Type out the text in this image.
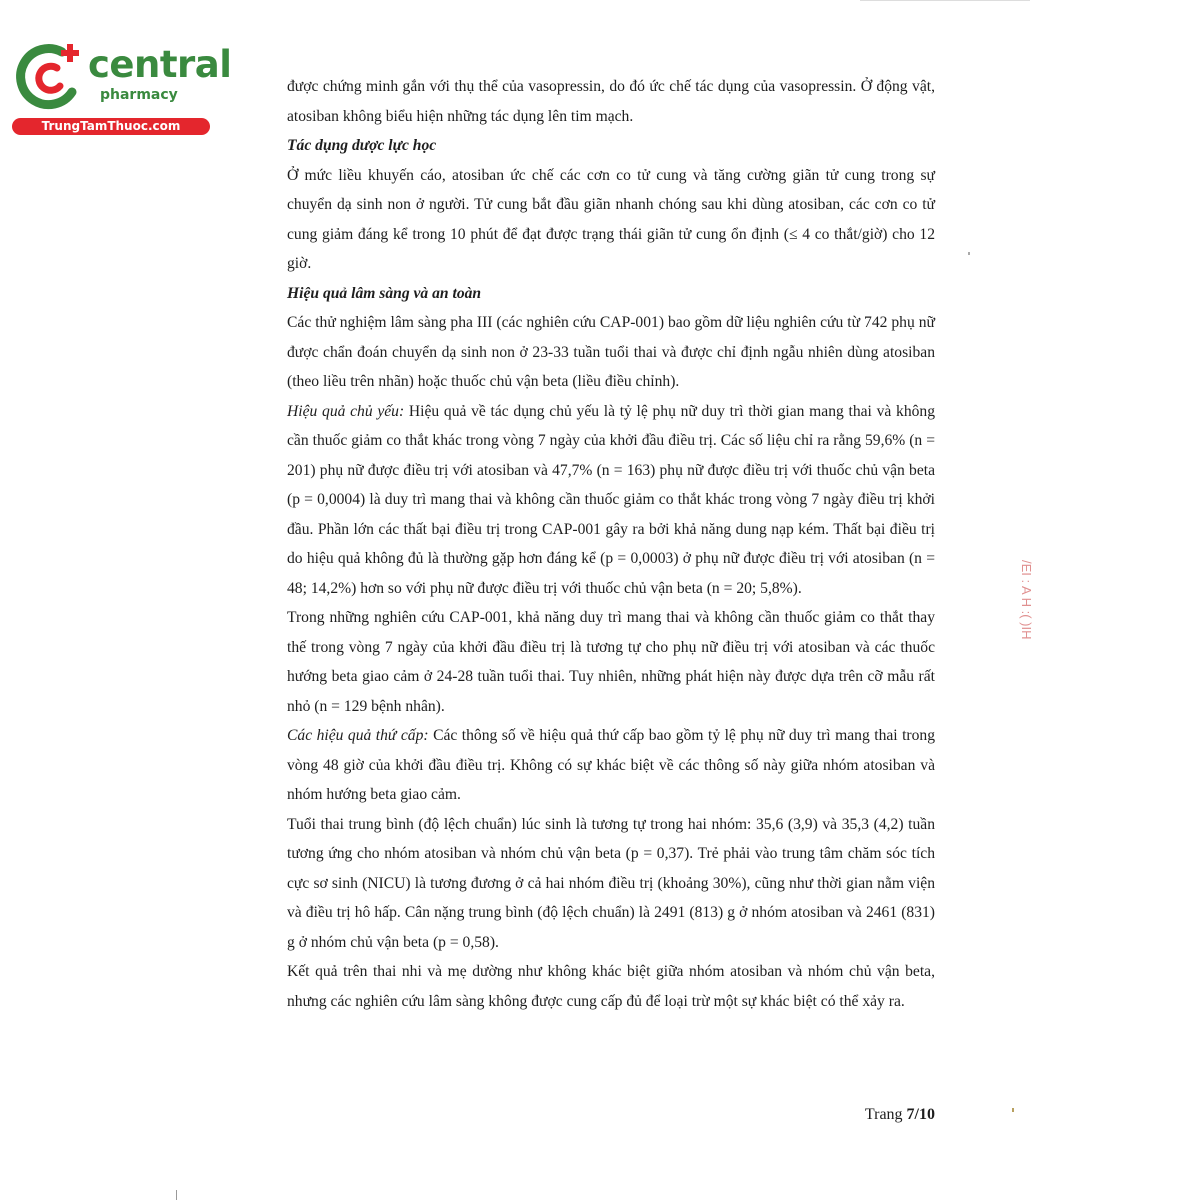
central
pharmacy
TrungTamThuoc.com

được chứng minh gắn với thụ thể của vasopressin, do đó ức chế tác dụng của vasopressin. Ở động vật, atosiban không biểu hiện những tác dụng lên tim mạch.

Tác dụng dược lực học

Ở mức liều khuyến cáo, atosiban ức chế các cơn co tử cung và tăng cường giãn tử cung trong sự chuyển dạ sinh non ở người. Tử cung bắt đầu giãn nhanh chóng sau khi dùng atosiban, các cơn co tử cung giảm đáng kể trong 10 phút để đạt được trạng thái giãn tử cung ổn định (≤ 4 co thắt/giờ) cho 12 giờ.

Hiệu quả lâm sàng và an toàn

Các thử nghiệm lâm sàng pha III (các nghiên cứu CAP-001) bao gồm dữ liệu nghiên cứu từ 742 phụ nữ được chẩn đoán chuyển dạ sinh non ở 23-33 tuần tuổi thai và được chỉ định ngẫu nhiên dùng atosiban (theo liều trên nhãn) hoặc thuốc chủ vận beta (liều điều chỉnh).

Hiệu quả chủ yếu: Hiệu quả về tác dụng chủ yếu là tỷ lệ phụ nữ duy trì thời gian mang thai và không cần thuốc giảm co thắt khác trong vòng 7 ngày của khởi đầu điều trị. Các số liệu chỉ ra rằng 59,6% (n = 201) phụ nữ được điều trị với atosiban và 47,7% (n = 163) phụ nữ được điều trị với thuốc chủ vận beta (p = 0,0004) là duy trì mang thai và không cần thuốc giảm co thắt khác trong vòng 7 ngày điều trị khởi đầu. Phần lớn các thất bại điều trị trong CAP-001 gây ra bởi khả năng dung nạp kém. Thất bại điều trị do hiệu quả không đủ là thường gặp hơn đáng kể (p = 0,0003) ở phụ nữ được điều trị với atosiban (n = 48; 14,2%) hơn so với phụ nữ được điều trị với thuốc chủ vận beta (n = 20; 5,8%).

Trong những nghiên cứu CAP-001, khả năng duy trì mang thai và không cần thuốc giảm co thắt thay thế trong vòng 7 ngày của khởi đầu điều trị là tương tự cho phụ nữ điều trị với atosiban và các thuốc hướng beta giao cảm ở 24-28 tuần tuổi thai. Tuy nhiên, những phát hiện này được dựa trên cỡ mẫu rất nhỏ (n = 129 bệnh nhân).

Các hiệu quả thứ cấp: Các thông số về hiệu quả thứ cấp bao gồm tỷ lệ phụ nữ duy trì mang thai trong vòng 48 giờ của khởi đầu điều trị. Không có sự khác biệt về các thông số này giữa nhóm atosiban và nhóm hướng beta giao cảm.

Tuổi thai trung bình (độ lệch chuẩn) lúc sinh là tương tự trong hai nhóm: 35,6 (3,9) và 35,3 (4,2) tuần tương ứng cho nhóm atosiban và nhóm chủ vận beta (p = 0,37). Trẻ phải vào trung tâm chăm sóc tích cực sơ sinh (NICU) là tương đương ở cả hai nhóm điều trị (khoảng 30%), cũng như thời gian nằm viện và điều trị hô hấp. Cân nặng trung bình (độ lệch chuẩn) là 2491 (813) g ở nhóm atosiban và 2461 (831) g ở nhóm chủ vận beta (p = 0,58).

Kết quả trên thai nhi và mẹ dường như không khác biệt giữa nhóm atosiban và nhóm chủ vận beta, nhưng các nghiên cứu lâm sàng không được cung cấp đủ để loại trừ một sự khác biệt có thể xảy ra.

/EI : A H :( )IH
Trang 7/10
